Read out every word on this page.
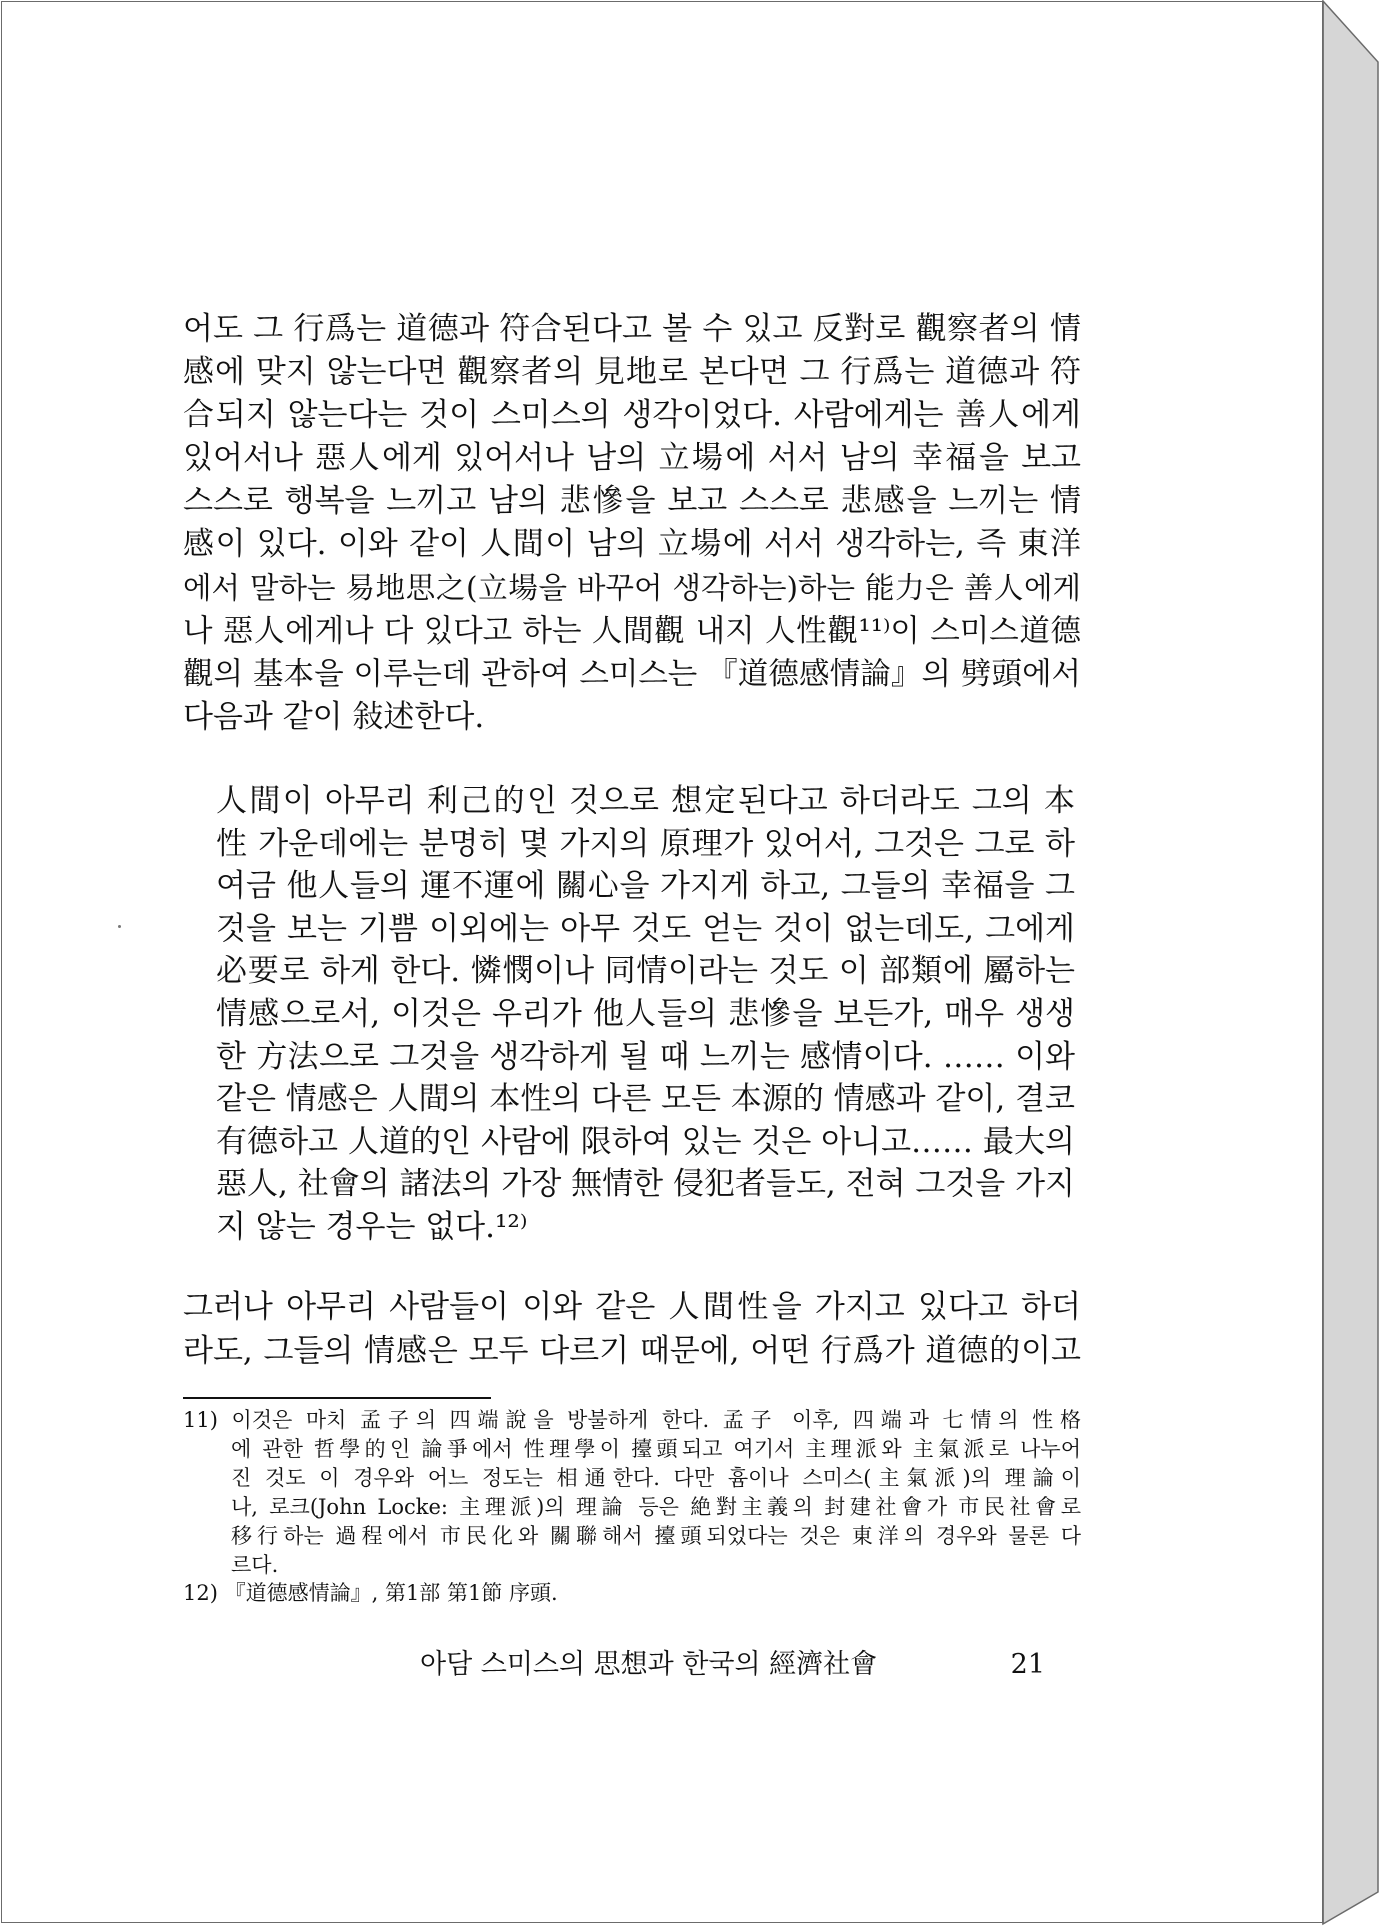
어도 그 行爲는 道德과 符合된다고 볼 수 있고 反對로 觀察者의 情
感에 맞지 않는다면 觀察者의 見地로 본다면 그 行爲는 道德과 符
合되지 않는다는 것이 스미스의 생각이었다. 사람에게는 善人에게
있어서나 惡人에게 있어서나 남의 立場에 서서 남의 幸福을 보고
스스로 행복을 느끼고 남의 悲慘을 보고 스스로 悲感을 느끼는 情
感이 있다. 이와 같이 人間이 남의 立場에 서서 생각하는, 즉 東洋
에서 말하는 易地思之(立場을 바꾸어 생각하는)하는 能力은 善人에게
나 惡人에게나 다 있다고 하는 人間觀 내지 人性觀¹¹⁾이 스미스道德
觀의 基本을 이루는데 관하여 스미스는 『道德感情論』의 劈頭에서
다음과 같이 敍述한다.
人間이 아무리 利己的인 것으로 想定된다고 하더라도 그의 本
性 가운데에는 분명히 몇 가지의 原理가 있어서, 그것은 그로 하
여금 他人들의 運不運에 關心을 가지게 하고, 그들의 幸福을 그
것을 보는 기쁨 이외에는 아무 것도 얻는 것이 없는데도, 그에게
必要로 하게 한다. 憐憫이나 同情이라는 것도 이 部類에 屬하는
情感으로서, 이것은 우리가 他人들의 悲慘을 보든가, 매우 생생
한 方法으로 그것을 생각하게 될 때 느끼는 感情이다. …… 이와
같은 情感은 人間의 本性의 다른 모든 本源的 情感과 같이, 결코
有德하고 人道的인 사람에 限하여 있는 것은 아니고…… 最大의
惡人, 社會의 諸法의 가장 無情한 侵犯者들도, 전혀 그것을 가지
지 않는 경우는 없다.¹²⁾
그러나 아무리 사람들이 이와 같은 人間性을 가지고 있다고 하더
라도, 그들의 情感은 모두 다르기 때문에, 어떤 行爲가 道德的이고
11) 이것은 마치 孟子의 四端說을 방불하게 한다. 孟子 이후, 四端과 七情의 性格
에 관한 哲學的인 論爭에서 性理學이 擡頭되고 여기서 主理派와 主氣派로 나누어
진 것도 이 경우와 어느 정도는 相通한다. 다만 흄이나 스미스(主氣派)의 理論이
나, 로크(John Locke: 主理派)의 理論 등은 絶對主義의 封建社會가 市民社會로
移行하는 過程에서 市民化와 關聯해서 擡頭되었다는 것은 東洋의 경우와 물론 다
르다.
12) 『道德感情論』, 第1部 第1節 序頭.
아담 스미스의 思想과 한국의 經濟社會	21
